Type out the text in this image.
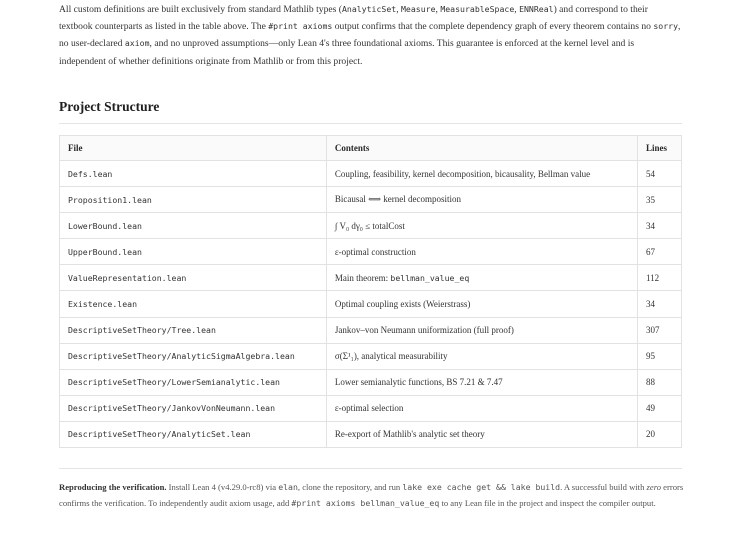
All custom definitions are built exclusively from standard Mathlib types (AnalyticSet, Measure, MeasurableSpace, ENNReal) and correspond to their textbook counterparts as listed in the table above. The #print axioms output confirms that the complete dependency graph of every theorem contains no sorry, no user-declared axiom, and no unproved assumptions—only Lean 4's three foundational axioms. This guarantee is enforced at the kernel level and is independent of whether definitions originate from Mathlib or from this project.

Project Structure
File	Contents	Lines
Defs.lean	Coupling, feasibility, kernel decomposition, bicausality, Bellman value	54
Proposition1.lean	Bicausal ⟺ kernel decomposition	35
LowerBound.lean	∫ V₀ dγ₀ ≤ totalCost	34
UpperBound.lean	ε-optimal construction	67
ValueRepresentation.lean	Main theorem: bellman_value_eq	112
Existence.lean	Optimal coupling exists (Weierstrass)	34
DescriptiveSetTheory/Tree.lean	Jankov–von Neumann uniformization (full proof)	307
DescriptiveSetTheory/AnalyticSigmaAlgebra.lean	σ(Σ¹₁), analytical measurability	95
DescriptiveSetTheory/LowerSemianalytic.lean	Lower semianalytic functions, BS 7.21 & 7.47	88
DescriptiveSetTheory/JankovVonNeumann.lean	ε-optimal selection	49
DescriptiveSetTheory/AnalyticSet.lean	Re-export of Mathlib's analytic set theory	20

Reproducing the verification. Install Lean 4 (v4.29.0-rc8) via elan, clone the repository, and run lake exe cache get && lake build. A successful build with zero errors confirms the verification. To independently audit axiom usage, add #print axioms bellman_value_eq to any Lean file in the project and inspect the compiler output.
